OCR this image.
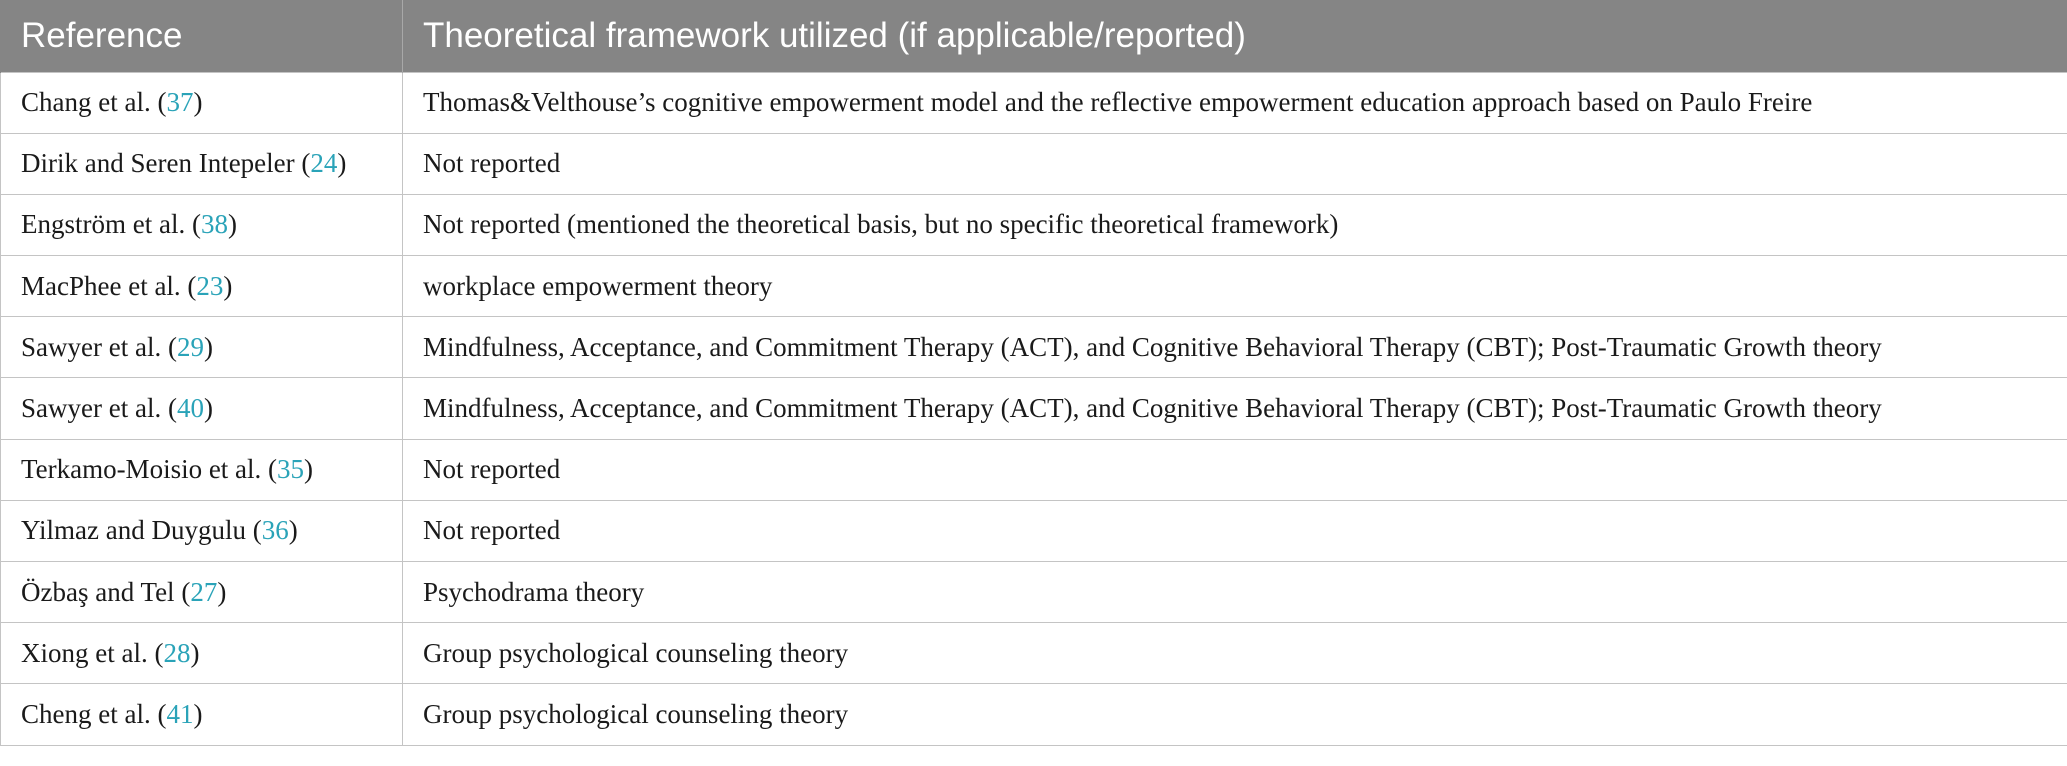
Reference	Theoretical framework utilized (if applicable/reported)
Chang et al. (37)	Thomas&Velthouse’s cognitive empowerment model and the reflective empowerment education approach based on Paulo Freire
Dirik and Seren Intepeler (24)	Not reported
Engström et al. (38)	Not reported (mentioned the theoretical basis, but no specific theoretical framework)
MacPhee et al. (23)	workplace empowerment theory
Sawyer et al. (29)	Mindfulness, Acceptance, and Commitment Therapy (ACT), and Cognitive Behavioral Therapy (CBT); Post-Traumatic Growth theory
Sawyer et al. (40)	Mindfulness, Acceptance, and Commitment Therapy (ACT), and Cognitive Behavioral Therapy (CBT); Post-Traumatic Growth theory
Terkamo-Moisio et al. (35)	Not reported
Yilmaz and Duygulu (36)	Not reported
Özbaş and Tel (27)	Psychodrama theory
Xiong et al. (28)	Group psychological counseling theory
Cheng et al. (41)	Group psychological counseling theory
